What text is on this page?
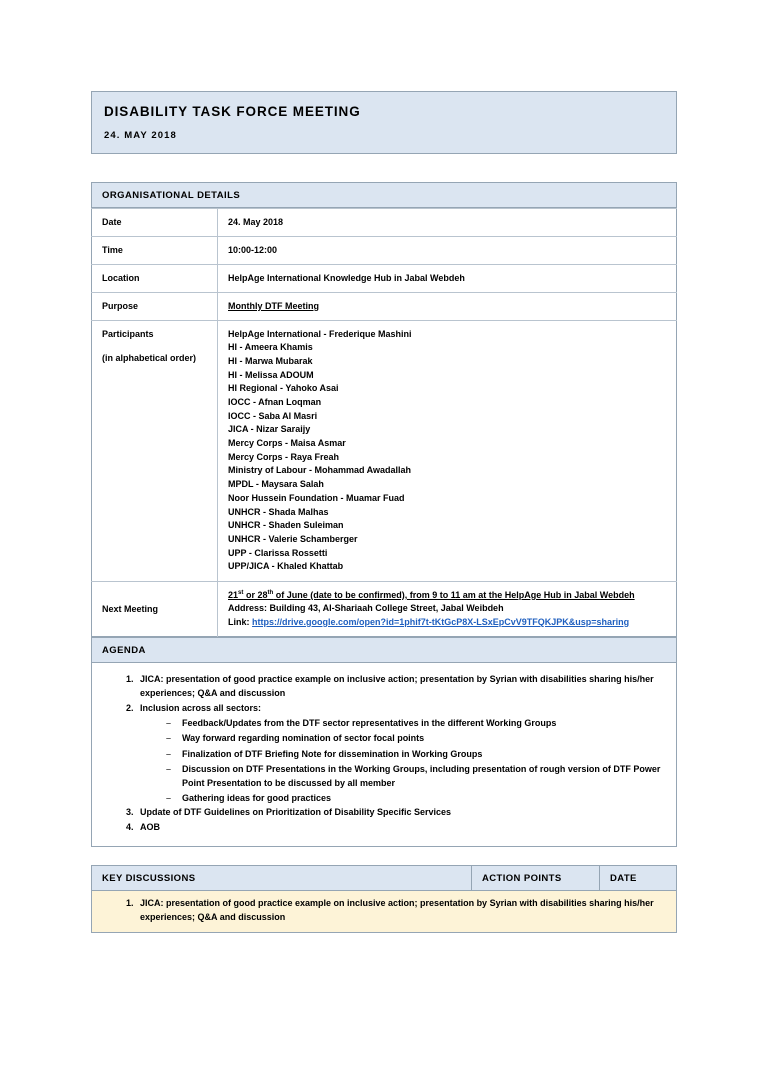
DISABILITY TASK FORCE MEETING
24. MAY 2018
ORGANISATIONAL DETAILS
Date	24. May 2018
Time	10:00-12:00
Location	HelpAge International Knowledge Hub in Jabal Webdeh
Purpose	Monthly DTF Meeting

Participants
(in alphabetical order)

HelpAge International - Frederique Mashini
HI - Ameera Khamis
HI - Marwa Mubarak
HI - Melissa ADOUM
HI Regional - Yahoko Asai
IOCC - Afnan Loqman
IOCC - Saba Al Masri
JICA - Nizar Saraijy
Mercy Corps - Maisa Asmar
Mercy Corps - Raya Freah
Ministry of Labour - Mohammad Awadallah
MPDL - Maysara Salah
Noor Hussein Foundation - Muamar Fuad
UNHCR - Shada Malhas
UNHCR - Shaden Suleiman
UNHCR - Valerie Schamberger
UPP - Clarissa Rossetti
UPP/JICA - Khaled Khattab

Next Meeting	21st or 28th of June (date to be confirmed), from 9 to 11 am at the HelpAge Hub in Jabal Webdeh
Address: Building 43, Al-Shariaah College Street, Jabal Weibdeh
Link: https://drive.google.com/open?id=1phif7t-tKtGcP8X-LSxEpCvV9TFQKJPK&usp=sharing
AGENDA
1. JICA: presentation of good practice example on inclusive action; presentation by Syrian with disabilities sharing his/her experiences; Q&A and discussion
2. Inclusion across all sectors:
– Feedback/Updates from the DTF sector representatives in the different Working Groups
– Way forward regarding nomination of sector focal points
– Finalization of DTF Briefing Note for dissemination in Working Groups
– Discussion on DTF Presentations in the Working Groups, including presentation of rough version of DTF Power Point Presentation to be discussed by all member
– Gathering ideas for good practices
3. Update of DTF Guidelines on Prioritization of Disability Specific Services
4. AOB
KEY DISCUSSIONS	ACTION POINTS	DATE

1. JICA: presentation of good practice example on inclusive action; presentation by Syrian with disabilities sharing his/her experiences; Q&A and discussion
